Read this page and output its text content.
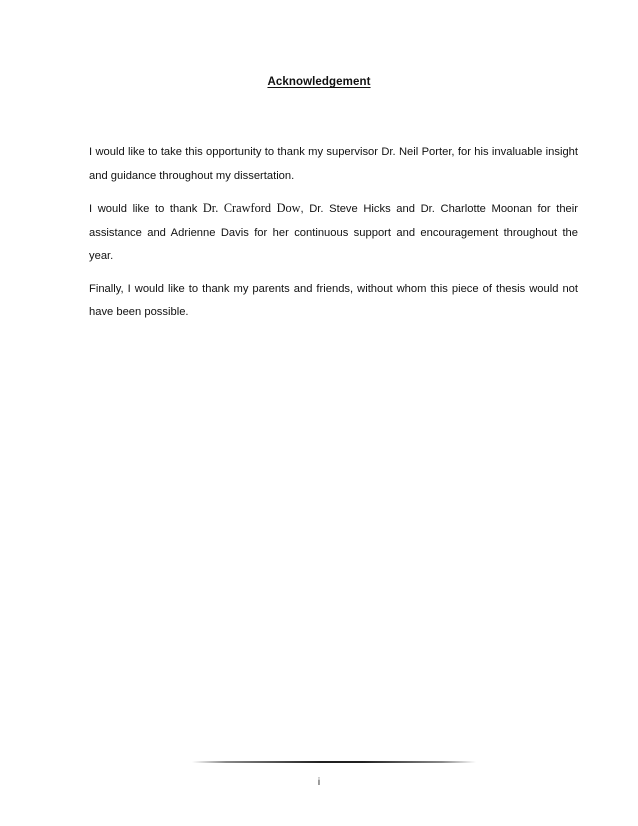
Acknowledgement

I would like to take this opportunity to thank my supervisor Dr. Neil Porter, for his invaluable insight and guidance throughout my dissertation.

I would like to thank Dr. Crawford Dow, Dr. Steve Hicks and Dr. Charlotte Moonan for their assistance and Adrienne Davis for her continuous support and encouragement throughout the year.

Finally, I would like to thank my parents and friends, without whom this piece of thesis would not have been possible.

i
